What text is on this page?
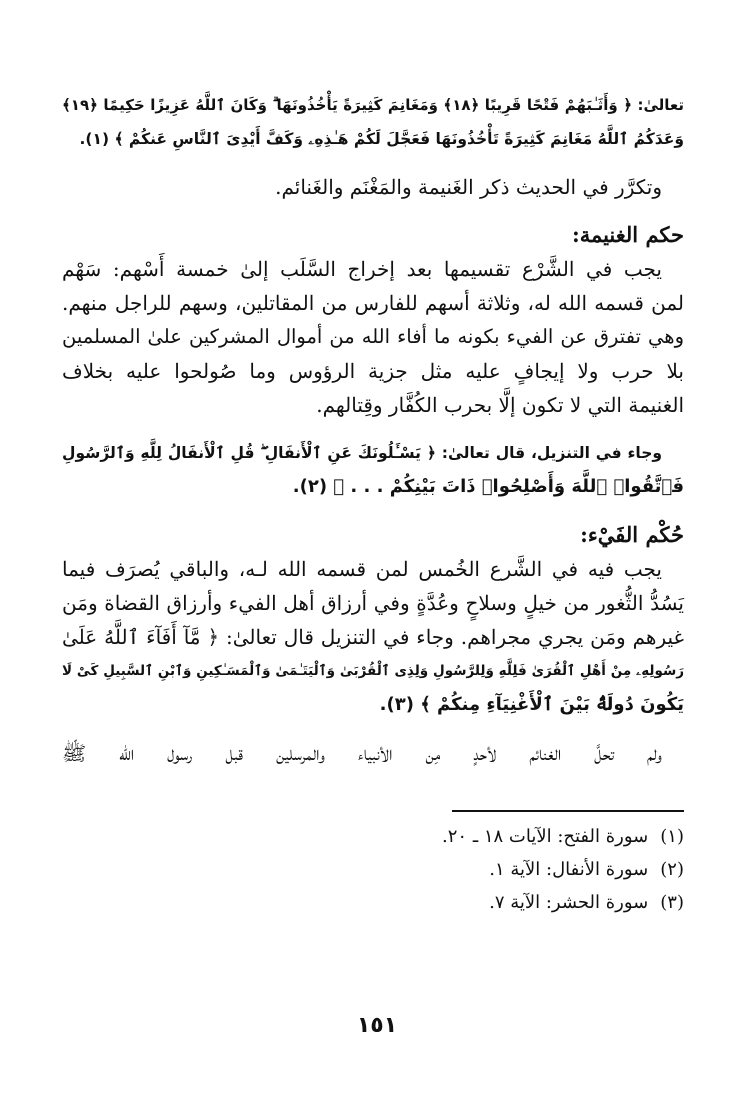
تعالىٰ: ﴿ وَأَثَـٰبَهُمْ فَتْحًا قَرِيبًا ﴿١٨﴾ وَمَغَانِمَ كَثِيرَةً يَأْخُذُونَهَا ۗ وَكَانَ ٱللَّهُ عَزِيزًا حَكِيمًا ﴿١٩﴾
وَعَدَكُمُ ٱللَّهُ مَغَانِمَ كَثِيرَةً تَأْخُذُونَهَا فَعَجَّلَ لَكُمْ هَـٰذِهِۦ وَكَفَّ أَيْدِىَ ٱلنَّاسِ عَنكُمْ ﴾ (١).
وتكرَّر في الحديث ذكر الغَنيمة والمَغْنَم والغَنائم.
حكم الغنيمة:
يجب في الشَّرْع تقسيمها بعد إخراج السَّلَب إلىٰ خمسة أَسْهم: سَهْم
لمن قسمه الله له، وثلاثة أسهم للفارس من المقاتلين، وسهم للراجل منهم.
وهي تفترق عن الفيء بكونه ما أفاء الله من أموال المشركين علىٰ المسلمين
بلا حرب ولا إيجافٍ عليه مثل جزية الرؤوس وما صُولحوا عليه بخلاف
الغنيمة التي لا تكون إلَّا بحرب الكُفَّار وقِتالهم.
وجاء في التنزيل، قال تعالىٰ: ﴿ يَسْـَٔلُونَكَ عَنِ ٱلْأَنفَالِ ۖ قُلِ ٱلْأَنفَالُ لِلَّهِ وَٱلرَّسُولِ
فَٱتَّقُوا۟ ٱللَّهَ وَأَصْلِحُوا۟ ذَاتَ بَيْنِكُمْ . . . ﴾ (٢).
حُكْم الفَيْء:
يجب فيه في الشَّرع الخُمس لمن قسمه الله لـه، والباقي يُصرَف فيما
يَسُدُّ الثُّغور من خيلٍ وسلاحٍ وعُدَّةٍ وفي أرزاق أهل الفيء وأرزاق القضاة ومَن
غيرهم ومَن يجري مجراهم. وجاء في التنزيل قال تعالىٰ: ﴿ مَّآ أَفَآءَ ٱللَّهُ عَلَىٰ
رَسُولِهِۦ مِنْ أَهْلِ ٱلْقُرَىٰ فَلِلَّهِ وَلِلرَّسُولِ وَلِذِى ٱلْقُرْبَىٰ وَٱلْيَتَـٰمَىٰ وَٱلْمَسَـٰكِينِ وَٱبْنِ ٱلسَّبِيلِ كَىْ لَا
يَكُونَ دُولَةًۢ بَيْنَ ٱلْأَغْنِيَآءِ مِنكُمْ ﴾ (٣).
ولم تحلَّ الغنائم لأحدٍ مِن الأنبياء والمرسلين قبل رسول الله ﷺ
(١)
سورة الفتح: الآيات ١٨ ـ ٢٠.
(٢)
سورة الأنفال: الآية ١.
(٣)
سورة الحشر: الآية ٧.
١٥١
